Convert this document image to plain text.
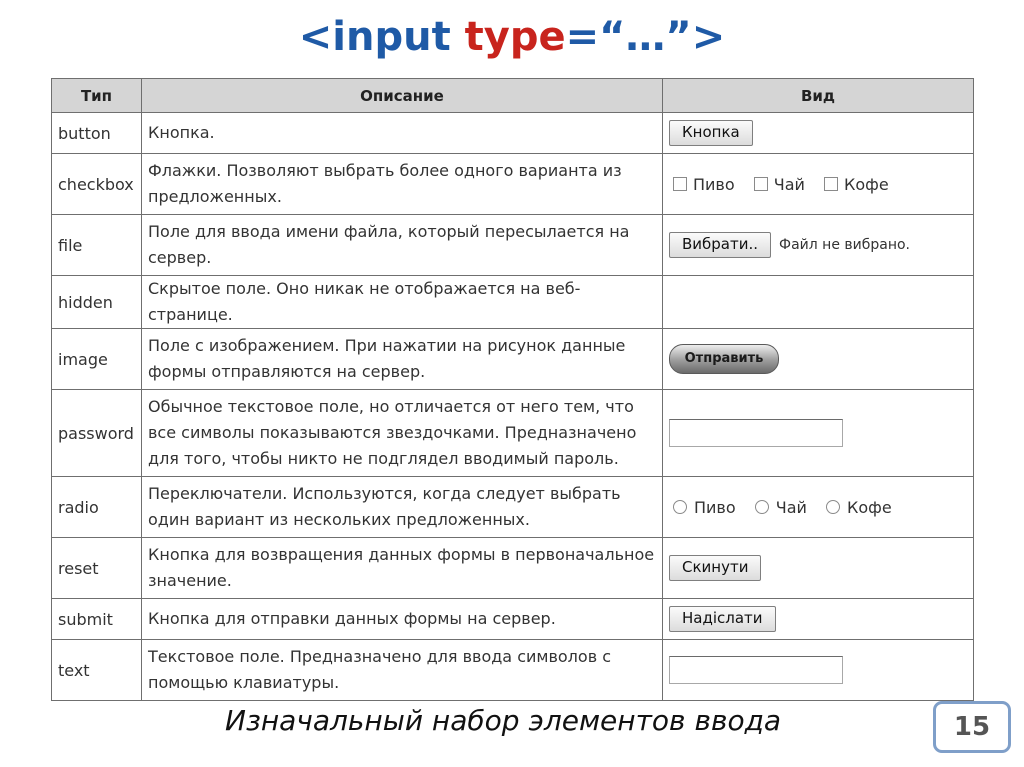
<input type=“…”>
Тип	Описание	Вид
button	Кнопка.	Кнопка
checkbox	Флажки. Позволяют выбрать более одного варианта из предложенных.	Пиво Чай Кофе
file	Поле для ввода имени файла, который пересылается на сервер.	Вибрати.. Файл не вибрано.
hidden	Скрытое поле. Оно никак не отображается на веб-странице.	
image	Поле с изображением. При нажатии на рисунок данные формы отправляются на сервер.	Отправить
password	Обычное текстовое поле, но отличается от него тем, что все символы показываются звездочками. Предназначено для того, чтобы никто не подглядел вводимый пароль.	
radio	Переключатели. Используются, когда следует выбрать один вариант из нескольких предложенных.	Пиво Чай Кофе
reset	Кнопка для возвращения данных формы в первоначальное значение.	Скинути
submit	Кнопка для отправки данных формы на сервер.	Надіслати
text	Текстовое поле. Предназначено для ввода символов с помощью клавиатуры.	
Изначальный набор элементов ввода	15
